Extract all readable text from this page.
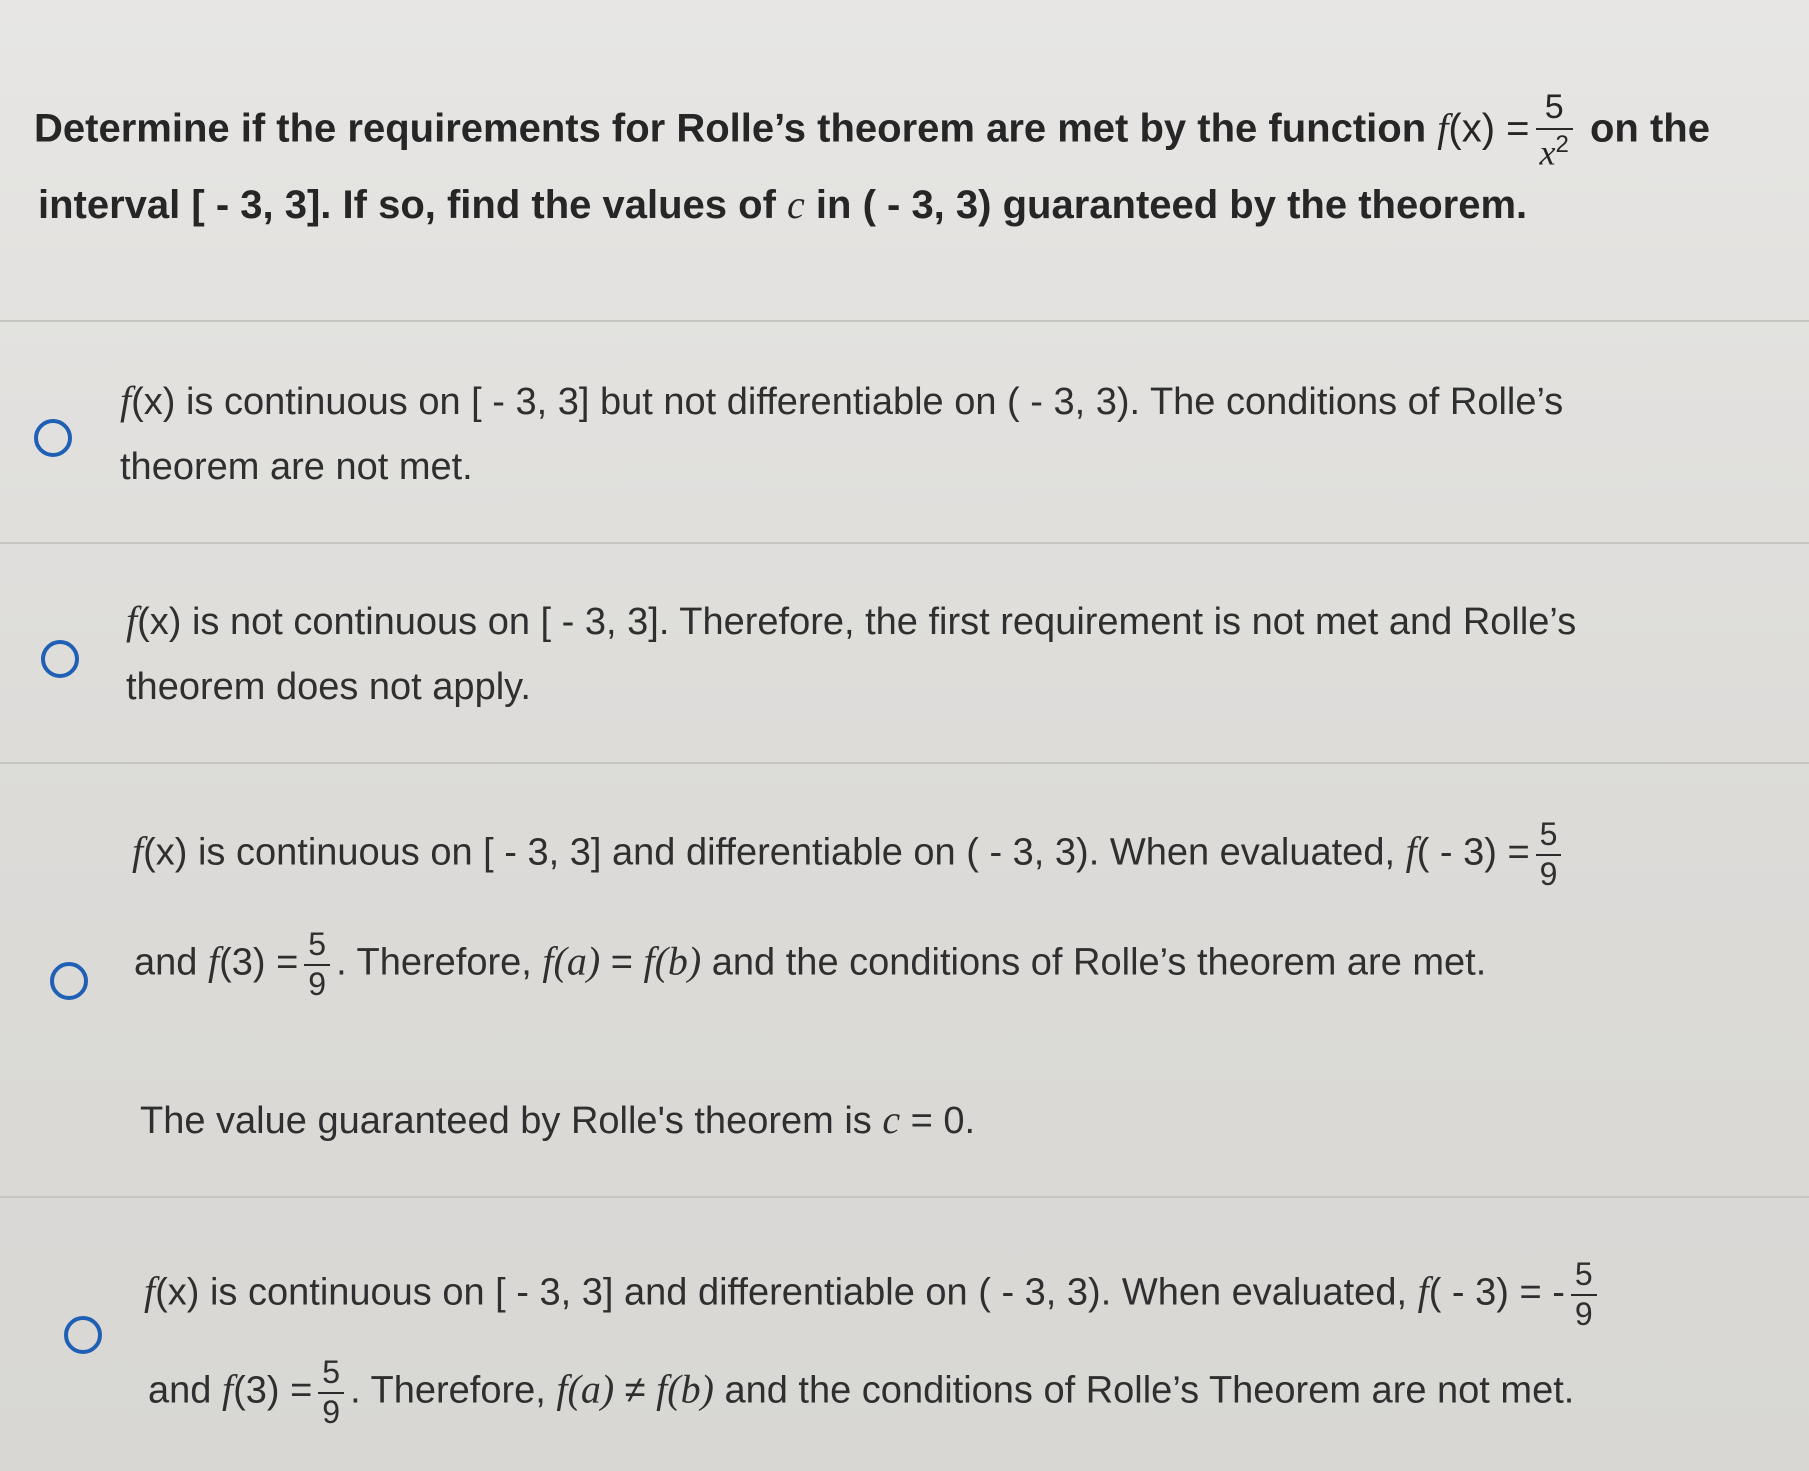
Determine if the requirements for Rolle’s theorem are met by the function $f(x) = \frac{5}{x^2}$ on the
interval [ - 3, 3]. If so, find the values of c in ( - 3, 3) guaranteed by the theorem.
f(x) is continuous on [ - 3, 3] but not differentiable on ( - 3, 3). The conditions of Rolle’s
theorem are not met.
f(x) is not continuous on [ - 3, 3]. Therefore, the first requirement is not met and Rolle’s
theorem does not apply.
f(x) is continuous on [ - 3, 3] and differentiable on ( - 3, 3). When evaluated, $f( - 3) = \frac{5}{9}$
and $f(3) = \frac{5}{9}$ . Therefore, f(a) = f(b) and the conditions of Rolle’s theorem are met.
The value guaranteed by Rolle's theorem is c = 0.
f(x) is continuous on [ - 3, 3] and differentiable on ( - 3, 3). When evaluated, f( - 3) = - $\frac{5}{9}$
and $f(3) = \frac{5}{9}$ . Therefore, f(a) ≠ f(b) and the conditions of Rolle’s Theorem are not met.
